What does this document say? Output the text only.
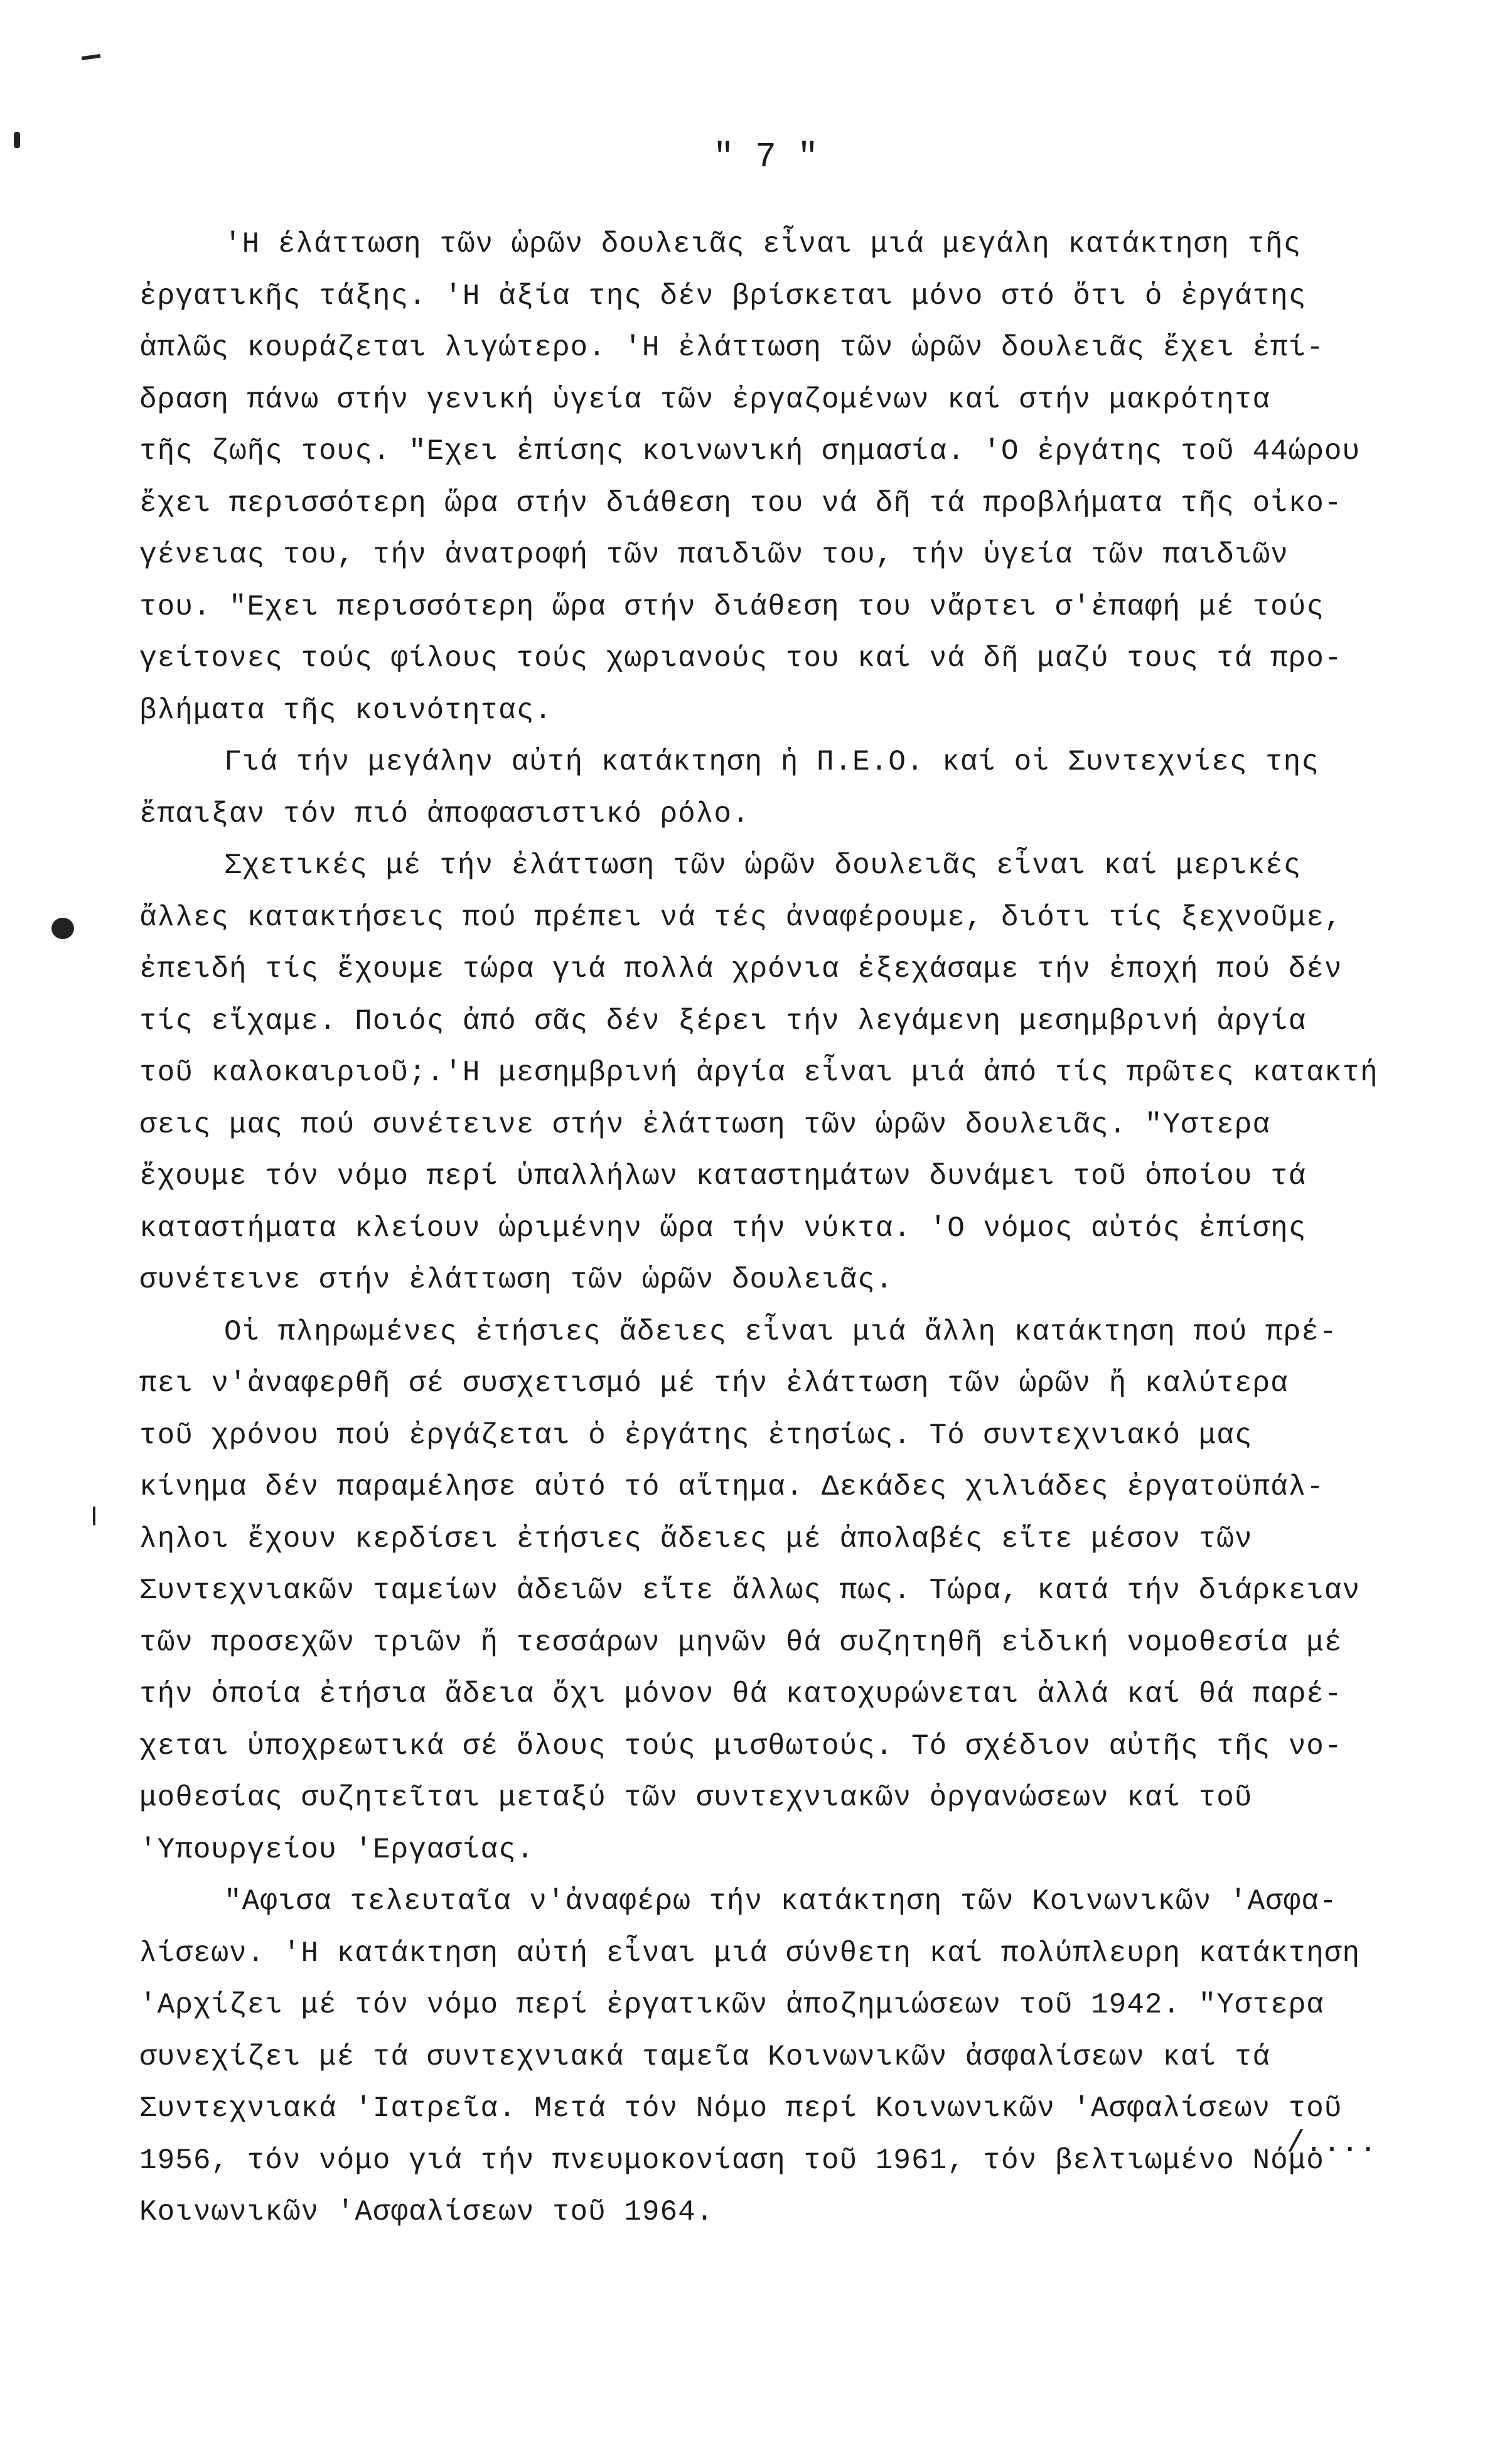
" 7 "
'Η έλάττωση τῶν ὡρῶν δουλειᾶς εἶναι μιά μεγάλη κατάκτηση τῆς
ἐργατικῆς τάξης. 'Η ἀξία της δέν βρίσκεται μόνο στό ὅτι ὁ ἐργάτης
ἁπλῶς κουράζεται λιγώτερο. 'Η ἐλάττωση τῶν ὡρῶν δουλειᾶς ἔχει ἐπί-
δραση πάνω στήν γενική ὑγεία τῶν ἐργαζομένων καί στήν μακρότητα
τῆς ζωῆς τους. "Εχει ἐπίσης κοινωνική σημασία. 'Ο ἐργάτης τοῦ 44ώρου
ἔχει περισσότερη ὥρα στήν διάθεση του νά δῆ τά προβλήματα τῆς οἰκο-
γένειας του, τήν ἀνατροφή τῶν παιδιῶν του, τήν ὑγεία τῶν παιδιῶν
του. "Εχει περισσότερη ὥρα στήν διάθεση του νἄρτει σ'ἐπαφή μέ τούς
γείτονες τούς φίλους τούς χωριανούς του καί νά δῆ μαζύ τους τά προ-
βλήματα τῆς κοινότητας.
Γιά τήν μεγάλην αὐτή κατάκτηση ἡ Π.Ε.Ο. καί οἱ Συντεχνίες της
ἔπαιξαν τόν πιό ἀποφασιστικό ρόλο.
Σχετικές μέ τήν ἐλάττωση τῶν ὡρῶν δουλειᾶς εἶναι καί μερικές
ἄλλες κατακτήσεις πού πρέπει νά τές ἀναφέρουμε, διότι τίς ξεχνοῦμε,
ἐπειδή τίς ἔχουμε τώρα γιά πολλά χρόνια ἐξεχάσαμε τήν ἐποχή πού δέν
τίς εἴχαμε. Ποιός ἀπό σᾶς δέν ξέρει τήν λεγάμενη μεσημβρινή ἀργία
τοῦ καλοκαιριοῦ;.'Η μεσημβρινή ἀργία εἶναι μιά ἀπό τίς πρῶτες κατακτή
σεις μας πού συνέτεινε στήν ἐλάττωση τῶν ὡρῶν δουλειᾶς. "Υστερα
ἔχουμε τόν νόμο περί ὑπαλλήλων καταστημάτων δυνάμει τοῦ ὁποίου τά
καταστήματα κλείουν ὡριμένην ὥρα τήν νύκτα. 'Ο νόμος αὐτός ἐπίσης
συνέτεινε στήν ἐλάττωση τῶν ὡρῶν δουλειᾶς.
Οἱ πληρωμένες ἐτήσιες ἄδειες εἶναι μιά ἄλλη κατάκτηση πού πρέ-
πει ν'ἀναφερθῆ σέ συσχετισμό μέ τήν ἐλάττωση τῶν ὡρῶν ἤ καλύτερα
τοῦ χρόνου πού ἐργάζεται ὁ ἐργάτης ἐτησίως. Τό συντεχνιακό μας
κίνημα δέν παραμέλησε αὐτό τό αἴτημα. Δεκάδες χιλιάδες ἐργατοϋπάλ-
ληλοι ἔχουν κερδίσει ἐτήσιες ἄδειες μέ ἀπολαβές εἴτε μέσον τῶν
Συντεχνιακῶν ταμείων ἀδειῶν εἴτε ἄλλως πως. Τώρα, κατά τήν διάρκειαν
τῶν προσεχῶν τριῶν ἤ τεσσάρων μηνῶν θά συζητηθῆ εἰδική νομοθεσία μέ
τήν ὁποία ἐτήσια ἄδεια ὄχι μόνον θά κατοχυρώνεται ἀλλά καί θά παρέ-
χεται ὑποχρεωτικά σέ ὅλους τούς μισθωτούς. Τό σχέδιον αὐτῆς τῆς νο-
μοθεσίας συζητεῖται μεταξύ τῶν συντεχνιακῶν ὀργανώσεων καί τοῦ
'Υπουργείου 'Εργασίας.
"Αφισα τελευταῖα ν'ἀναφέρω τήν κατάκτηση τῶν Κοινωνικῶν 'Ασφα-
λίσεων. 'Η κατάκτηση αὐτή εἶναι μιά σύνθετη καί πολύπλευρη κατάκτηση
'Αρχίζει μέ τόν νόμο περί ἐργατικῶν ἀποζημιώσεων τοῦ 1942. "Υστερα
συνεχίζει μέ τά συντεχνιακά ταμεῖα Κοινωνικῶν ἀσφαλίσεων καί τά
Συντεχνιακά 'Ιατρεῖα. Μετά τόν Νόμο περί Κοινωνικῶν 'Ασφαλίσεων τοῦ
1956, τόν νόμο γιά τήν πνευμοκονίαση τοῦ 1961, τόν βελτιωμένο Νόμο
Κοινωνικῶν 'Ασφαλίσεων τοῦ 1964.
/....
